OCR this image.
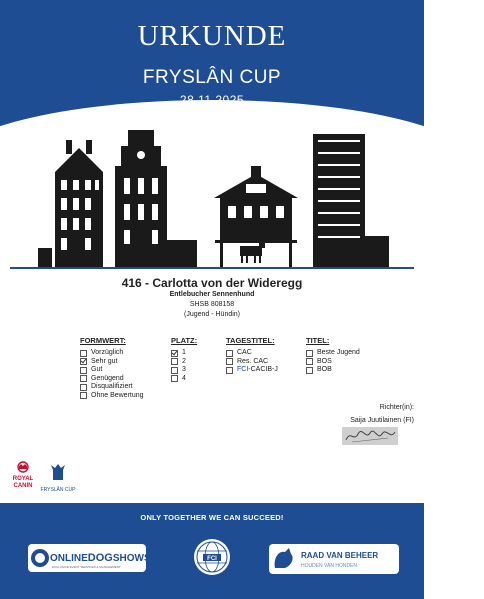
URKUNDE
FRYSLÂN CUP
28.11.2025
416 - Carlotta von der Wideregg
Entlebucher Sennenhund
SHSB 808158
(Jugend - Hündin)
FORMWERT:
Vorzüglich
Sehr gut
Gut
Genügend
Disqualifiziert
Ohne Bewertung
PLATZ:
1
2
3
4
TAGESTITEL:
CAC
Res. CAC
FCI -CACIB-J
TITEL:
Beste Jugend
BOS
BOB
Richter(in):
Saija Juutilainen (FI)
ROYAL
CANIN
FRYSLÂN CUP
ONLY TOGETHER WE CAN SUCCEED!
ONLINEDOGSHOWS.eu
EXCLUSIVE EVENT SERVICES & MANAGEMENT
FCI	RAAD VAN BEHEER
HOUDEN VAN HONDEN
